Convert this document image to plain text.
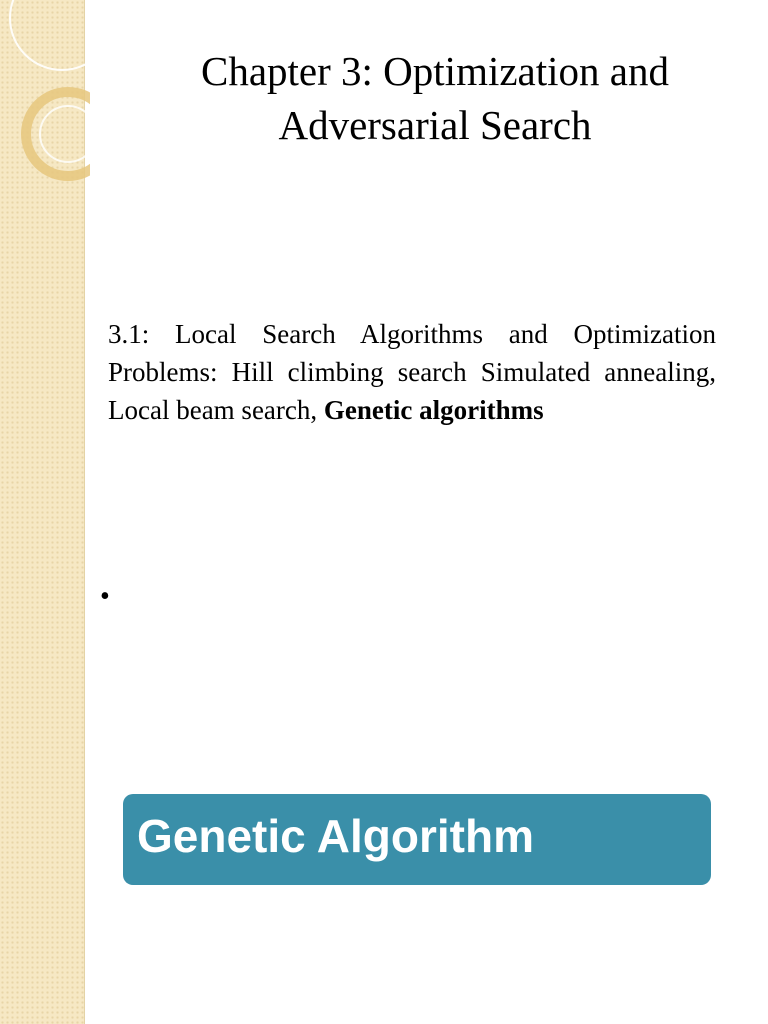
Chapter 3: Optimization and Adversarial Search

3.1: Local Search Algorithms and Optimization Problems: Hill climbing search Simulated annealing, Local beam search, Genetic algorithms

•
Genetic Algorithm
